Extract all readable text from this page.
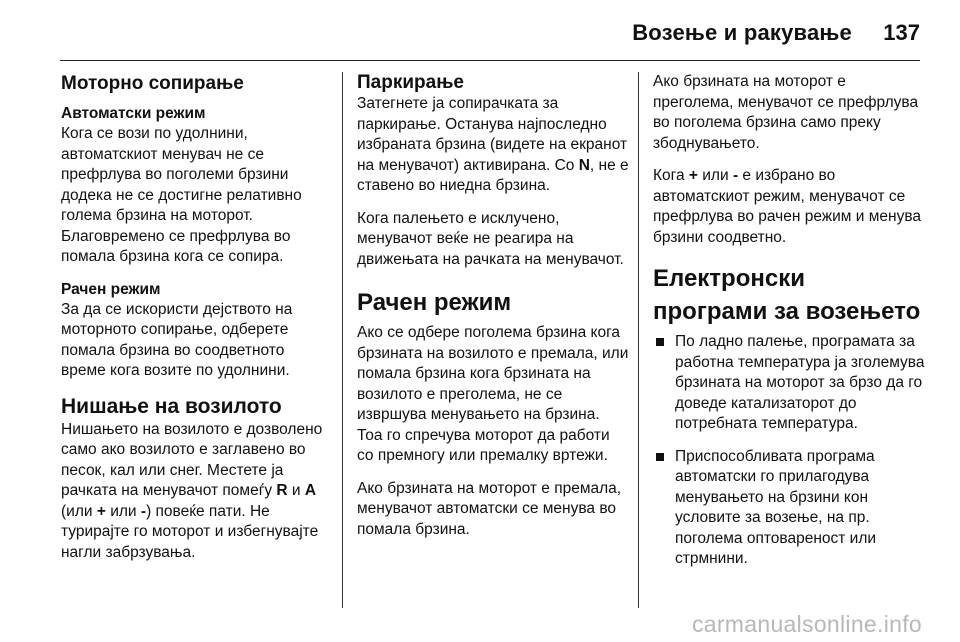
Возење и ракување 137
Моторно сопирање
Автоматски режим

Кога се вози по удолнини, автоматскиот менувач не се префрлува во поголеми брзини додека не се достигне релативно голема брзина на моторот. Благовремено се префрлува во помала брзина кога се сопира.

Рачен режим

За да се искористи дејството на моторното сопирање, одберете помала брзина во соодветното време кога возите по удолнини.

Нишање на возилото

Нишањето на возилото е дозволено само ако возилото е заглавено во песок, кал или снег. Местете ја рачката на менувачот помеѓу R и A (или + или -) повеќе пати. Не турирајте го моторот и избегнувајте нагли забрзувања.

Паркирање

Затегнете ја сопирачката за паркирање. Останува најпоследно избраната брзина (видете на екранот на менувачот) активирана. Со N, не е ставено во ниедна брзина.

Кога палењето е исклучено, менувачот веќе не реагира на движењата на рачката на менувачот.

Рачен режим

Ако се одбере поголема брзина кога брзината на возилото е премала, или помала брзина кога брзината на возилото е преголема, не се извршува менувањето на брзина. Тоа го спречува моторот да работи со премногу или премалку вртежи.

Ако брзината на моторот е премала, менувачот автоматски се менува во помала брзина.

Ако брзината на моторот е преголема, менувачот се префрлува во поголема брзина само преку збоднувањето.

Кога + или - е избрано во автоматскиот режим, менувачот се префрлува во рачен режим и менува брзини соодветно.

Електронски програми за возењето
По ладно палење, програмата за работна температура ја зголемува брзината на моторот за брзо да го доведе катализаторот до потребната температура.
Приспособливата програма автоматски го прилагодува менувањето на брзини кон условите за возење, на пр. поголема оптовареност или стрмнини.
carmanualsonline.info
